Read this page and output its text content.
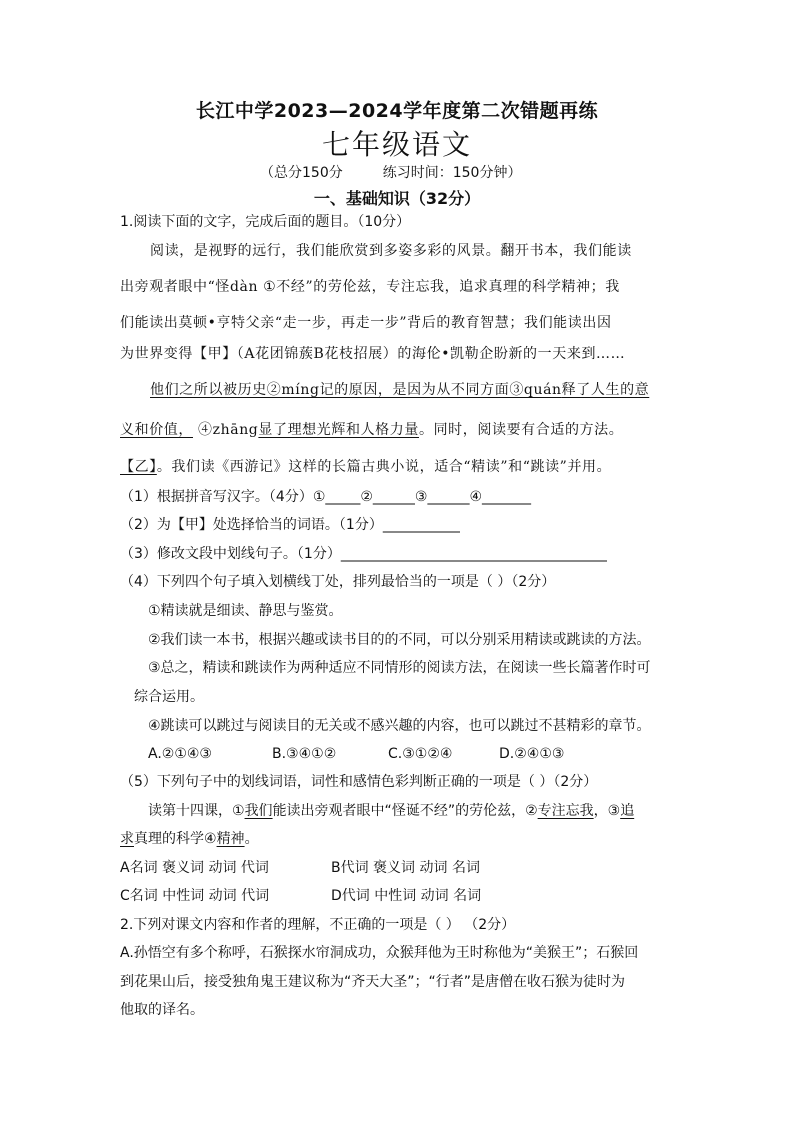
长江中学2023—2024学年度第二次错题再练
七年级语文
（总分150分	练习时间：150分钟）
一、基础知识（32分）
1.阅读下面的文字，完成后面的题目。（10分）
阅读，是视野的远行，我们能欣赏到多姿多彩的风景。翻开书本，我们能读
出旁观者眼中“怪dàn ①不经”的劳伦兹，专注忘我，追求真理的科学精神；我
们能读出莫顿•亨特父亲“走一步，再走一步”背后的教育智慧；我们能读出因
为世界变得【甲】（A花团锦蔟B花枝招展）的海伦•凯勒企盼新的一天来到……
他们之所以被历史②míng记的原因，是因为从不同方面③quán释了人生的意
义和价值， ④zhāng显了理想光辉和人格力量。同时，阅读要有合适的方法。
【乙】。我们读《西游记》这样的长篇古典小说，适合“精读”和“跳读”并用。
（1）根据拼音写汉字。（4分）①_____②______③______④_______
（2）为【甲】处选择恰当的词语。（1分）___________
（3）修改文段中划线句子。（1分）______________________________________
（4）下列四个句子填入划横线丁处，排列最恰当的一项是（ ）（2分）
①精读就是细读、静思与鉴赏。
②我们读一本书，根据兴趣或读书目的的不同，可以分别采用精读或跳读的方法。
③总之，精读和跳读作为两种适应不同情形的阅读方法，在阅读一些长篇著作时可
综合运用。
④跳读可以跳过与阅读目的无关或不感兴趣的内容，也可以跳过不甚精彩的章节。
A.②①④③	B.③④①②	C.③①②④	D.②④①③
（5）下列句子中的划线词语，词性和感情色彩判断正确的一项是（ ）（2分）
读第十四课，①我们能读出旁观者眼中“怪诞不经”的劳伦兹，②专注忘我，③追
求真理的科学④精神。
A名词 褒义词 动词 代词	B代词 褒义词 动词 名词
C名词 中性词 动词 代词	D代词 中性词 动词 名词
2.下列对课文内容和作者的理解，不正确的一项是（ ） （2分）
A.孙悟空有多个称呼，石猴探水帘洞成功，众猴拜他为王时称他为“美猴王”；石猴回
到花果山后，接受独角鬼王建议称为“齐天大圣”；“行者”是唐僧在收石猴为徒时为
他取的译名。
